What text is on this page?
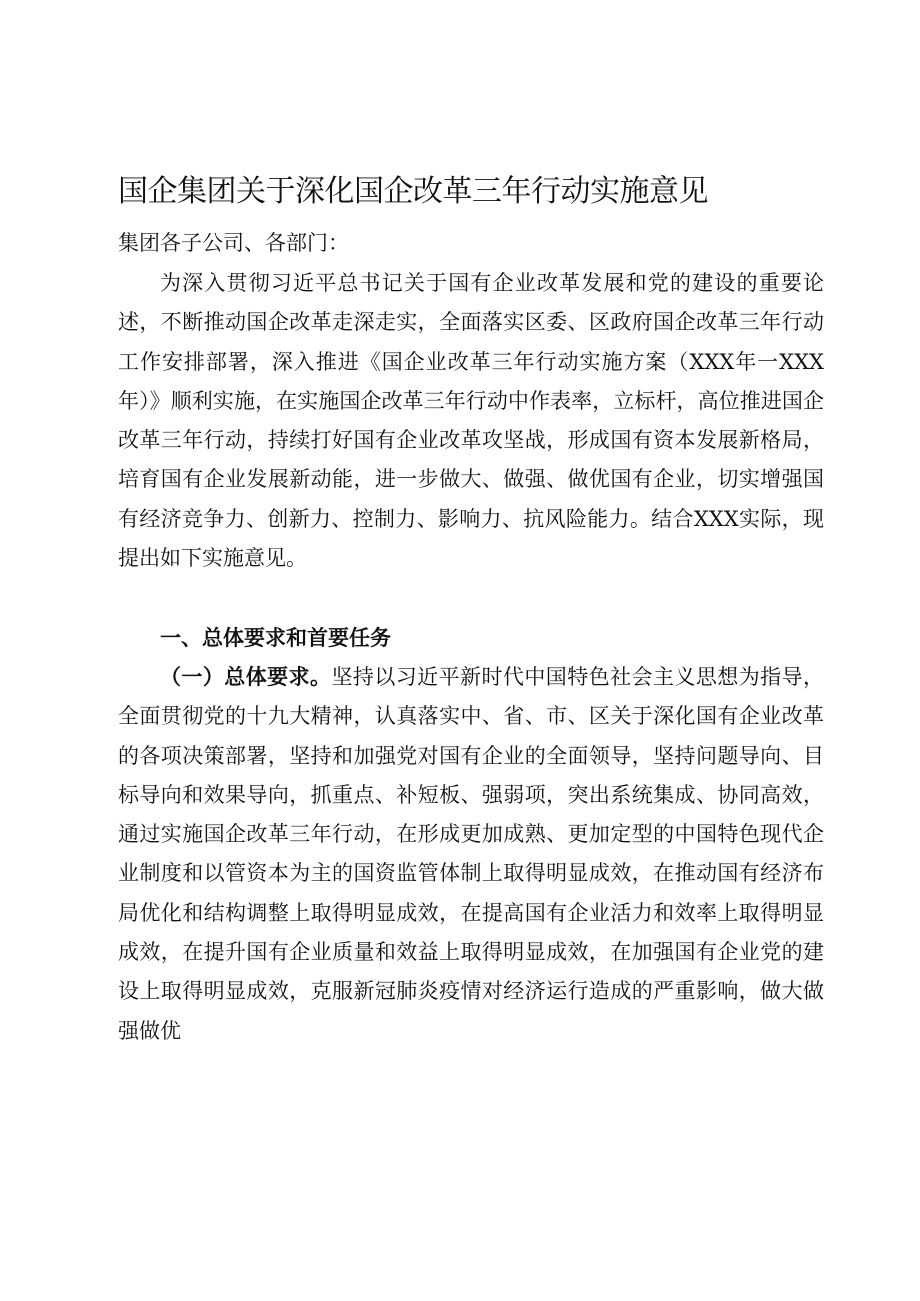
国企集团关于深化国企改革三年行动实施意见

集团各子公司、各部门：

为深入贯彻习近平总书记关于国有企业改革发展和党的建设的重要论述，不断推动国企改革走深走实，全面落实区委、区政府国企改革三年行动工作安排部署，深入推进《国企业改革三年行动实施方案（XXX年一XXX年）》顺利实施，在实施国企改革三年行动中作表率，立标杆，高位推进国企改革三年行动，持续打好国有企业改革攻坚战，形成国有资本发展新格局，培育国有企业发展新动能，进一步做大、做强、做优国有企业，切实增强国有经济竞争力、创新力、控制力、影响力、抗风险能力。结合XXX实际，现提出如下实施意见。

一、总体要求和首要任务

（一）总体要求。坚持以习近平新时代中国特色社会主义思想为指导，全面贯彻党的十九大精神，认真落实中、省、市、区关于深化国有企业改革的各项决策部署，坚持和加强党对国有企业的全面领导，坚持问题导向、目标导向和效果导向，抓重点、补短板、强弱项，突出系统集成、协同高效，通过实施国企改革三年行动，在形成更加成熟、更加定型的中国特色现代企业制度和以管资本为主的国资监管体制上取得明显成效，在推动国有经济布局优化和结构调整上取得明显成效，在提高国有企业活力和效率上取得明显成效，在提升国有企业质量和效益上取得明显成效，在加强国有企业党的建设上取得明显成效，克服新冠肺炎疫情对经济运行造成的严重影响，做大做强做优
